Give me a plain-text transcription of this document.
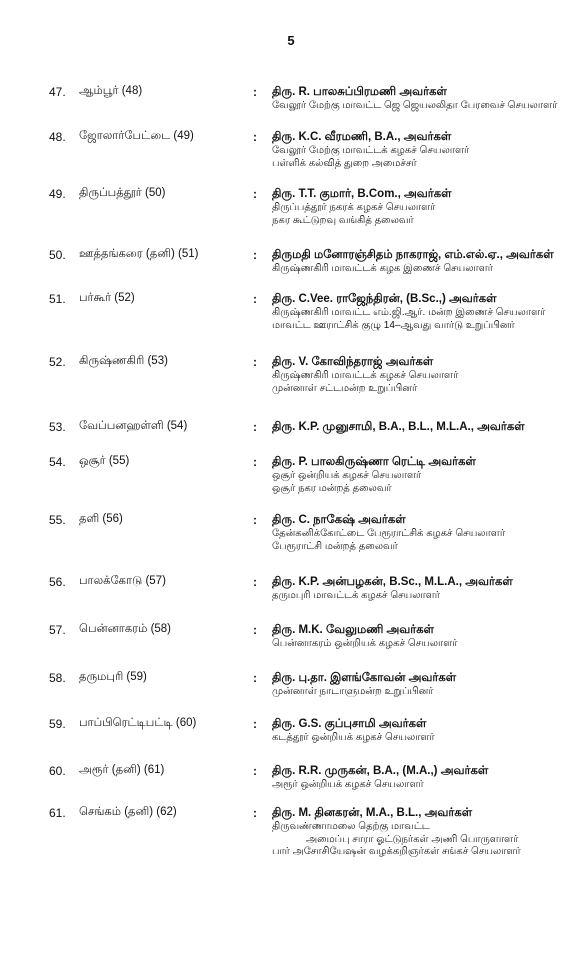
5
47. ஆம்பூர் (48)	: திரு. R. பாலசுப்பிரமணி அவர்கள்
வேலூர் மேற்கு மாவட்ட ஜெ ஜெயலலிதா பேரவைச் செயலாளர்
48. ஜோலார்பேட்டை (49)	: திரு. K.C. வீரமணி, B.A., அவர்கள்
வேலூர் மேற்கு மாவட்டக் கழகச் செயலாளர்
பள்ளிக் கல்வித் துறை அமைச்சர்
49. திருப்பத்தூர் (50)	: திரு. T.T. குமார், B.Com., அவர்கள்
திருப்பத்தூர் நகரக் கழகச் செயலாளர்
நகர கூட்டுறவு வங்கித் தலைவர்
50. ஊத்தங்கரை (தனி) (51)	: திருமதி மனோரஞ்சிதம் நாகராஜ், எம்.எல்.ஏ., அவர்கள்
கிருஷ்ணகிரி மாவட்டக் கழக இணைச் செயலாளர்
51. பர்கூர் (52)	: திரு. C.Vee. ராஜேந்திரன், (B.Sc.,) அவர்கள்
கிருஷ்ணகிரி மாவட்ட எம்.ஜி.ஆர். மன்ற இணைச் செயலாளர்
மாவட்ட ஊராட்சிக் குழு 14–ஆவது வார்டு உறுப்பினர்
52. கிருஷ்ணகிரி (53)	: திரு. V. கோவிந்தராஜ் அவர்கள்
கிருஷ்ணகிரி மாவட்டக் கழகச் செயலாளர்
முன்னாள் சட்டமன்ற உறுப்பினர்
53. வேப்பனஹள்ளி (54)	: திரு. K.P. முனுசாமி, B.A., B.L., M.L.A., அவர்கள்
54. ஒசூர் (55)	: திரு. P. பாலகிருஷ்ணா ரெட்டி அவர்கள்
ஒசூர் ஒன்றியக் கழகச் செயலாளர்
ஒசூர் நகர மன்றத் தலைவர்
55. தளி (56)	: திரு. C. நாகேஷ் அவர்கள்
தேன்கனிக்கோட்டை பேரூராட்சிக் கழகச் செயலாளர்
பேரூராட்சி மன்றத் தலைவர்
56. பாலக்கோடு (57)	: திரு. K.P. அன்பழகன், B.Sc., M.L.A., அவர்கள்
தருமபுரி மாவட்டக் கழகச் செயலாளர்
57. பென்னாகரம் (58)	: திரு. M.K. வேலுமணி அவர்கள்
பென்னாகரம் ஒன்றியக் கழகச் செயலாளர்
58. தருமபுரி (59)	: திரு. பு.தா. இளங்கோவன் அவர்கள்
முன்னாள் நாடாளுமன்ற உறுப்பினர்
59. பாப்பிரெட்டிபட்டி (60)	: திரு. G.S. குப்புசாமி அவர்கள்
கடத்தூர் ஒன்றியக் கழகச் செயலாளர்
60. அரூர் (தனி) (61)	: திரு. R.R. முருகன், B.A., (M.A.,) அவர்கள்
அரூர் ஒன்றியக் கழகச் செயலாளர்
61. செங்கம் (தனி) (62)	: திரு. M. தினகரன், M.A., B.L., அவர்கள்
திருவண்ணாமலை தெற்கு மாவட்ட
அமைப்பு சாரா ஓட்டுநர்கள் அணி பொருளாளர்
பார் அசோசியேஷன் வழக்கறிஞர்கள் சங்கச் செயலாளர்
